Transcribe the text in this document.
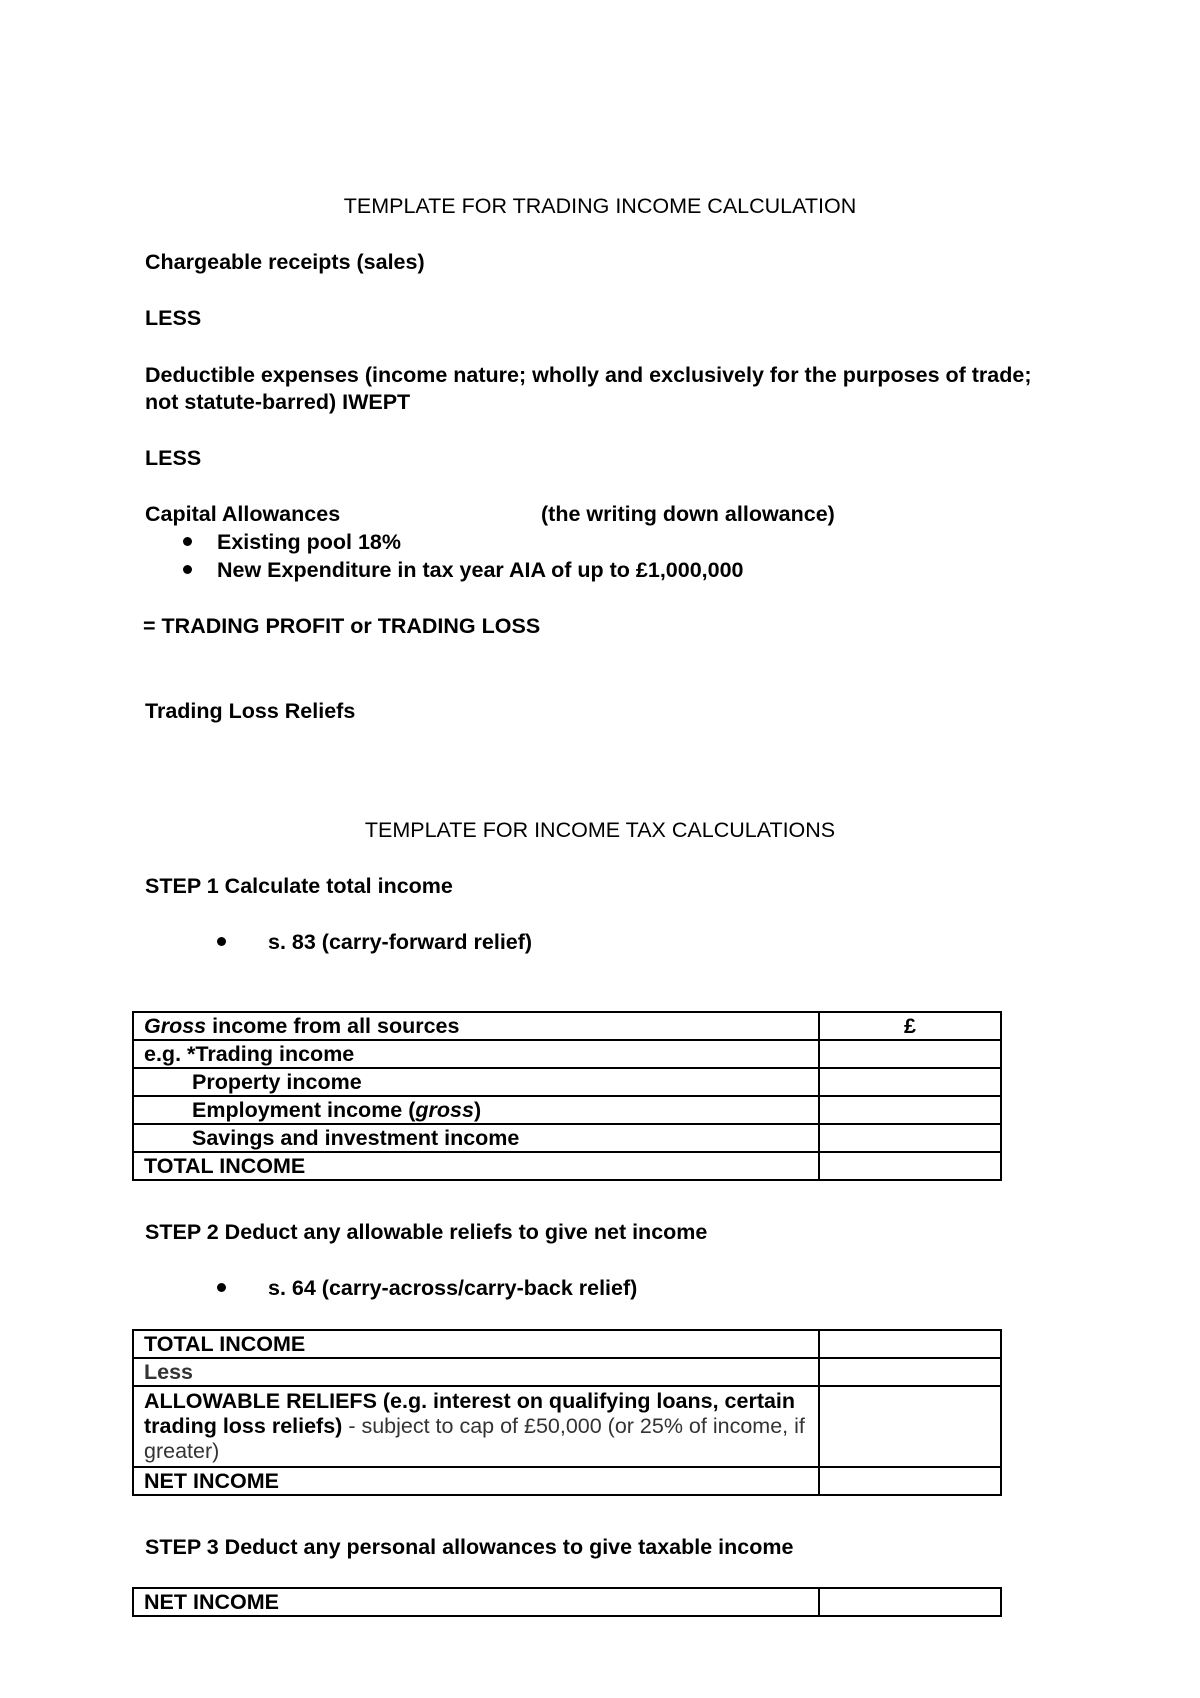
TEMPLATE FOR TRADING INCOME CALCULATION
Chargeable receipts (sales)
LESS
Deductible expenses (income nature; wholly and exclusively for the purposes of trade; not statute-barred) IWEPT
LESS
Capital Allowances	(the writing down allowance)
Existing pool 18%
New Expenditure in tax year AIA of up to £1,000,000
= TRADING PROFIT or TRADING LOSS
Trading Loss Reliefs
TEMPLATE FOR INCOME TAX CALCULATIONS
STEP 1 Calculate total income
s. 83 (carry-forward relief)
Gross income from all sources	£
e.g. *Trading income	
Property income	
Employment income (gross)	
Savings and investment income	
TOTAL INCOME	
STEP 2 Deduct any allowable reliefs to give net income
s. 64 (carry-across/carry-back relief)
TOTAL INCOME	
Less	
ALLOWABLE RELIEFS (e.g. interest on qualifying loans, certain trading loss reliefs) - subject to cap of £50,000 (or 25% of income, if greater)	
NET INCOME	
STEP 3 Deduct any personal allowances to give taxable income
NET INCOME	
